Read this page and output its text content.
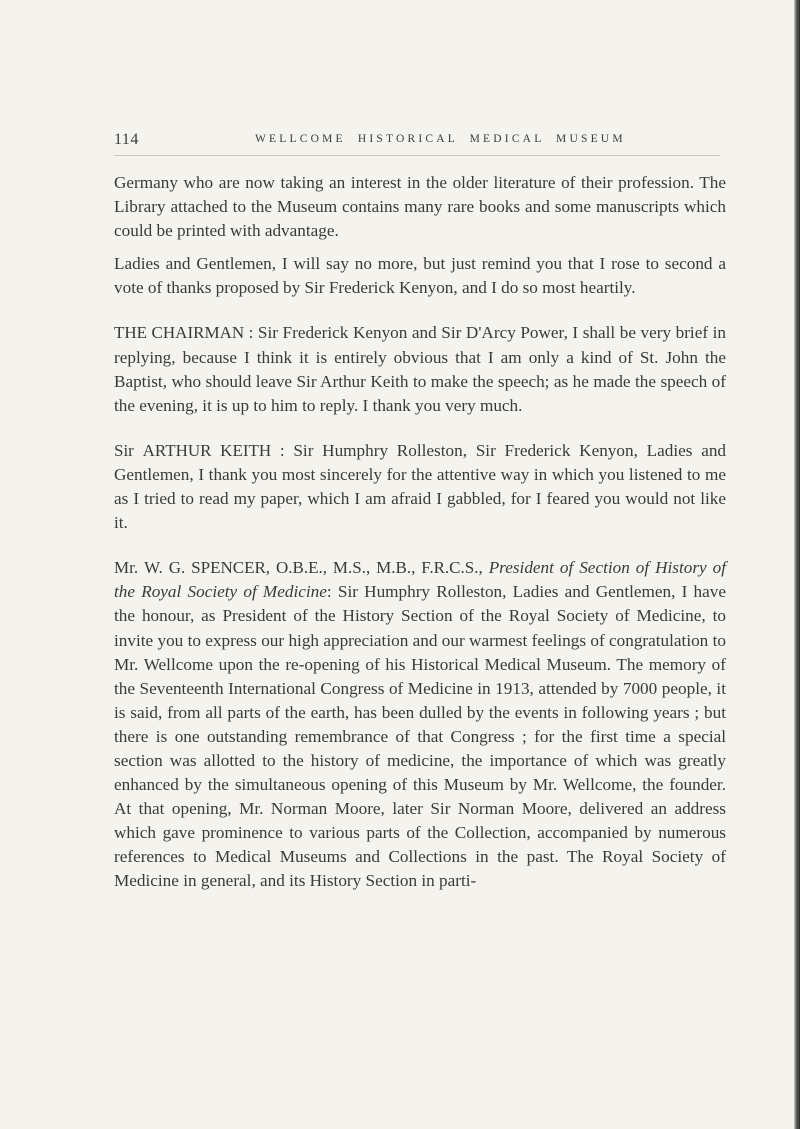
114	WELLCOME HISTORICAL MEDICAL MUSEUM

Germany who are now taking an interest in the older literature of their profession. The Library attached to the Museum contains many rare books and some manuscripts which could be printed with advantage.

Ladies and Gentlemen, I will say no more, but just remind you that I rose to second a vote of thanks proposed by Sir Frederick Kenyon, and I do so most heartily.

THE CHAIRMAN : Sir Frederick Kenyon and Sir D'Arcy Power, I shall be very brief in replying, because I think it is entirely obvious that I am only a kind of St. John the Baptist, who should leave Sir Arthur Keith to make the speech; as he made the speech of the evening, it is up to him to reply. I thank you very much.

Sir ARTHUR KEITH : Sir Humphry Rolleston, Sir Frederick Kenyon, Ladies and Gentlemen, I thank you most sincerely for the attentive way in which you listened to me as I tried to read my paper, which I am afraid I gabbled, for I feared you would not like it.

Mr. W. G. SPENCER, O.B.E., M.S., M.B., F.R.C.S., President of Section of History of the Royal Society of Medicine: Sir Humphry Rolleston, Ladies and Gentlemen, I have the honour, as President of the History Section of the Royal Society of Medicine, to invite you to express our high appreciation and our warmest feelings of congratulation to Mr. Wellcome upon the re-opening of his Historical Medical Museum. The memory of the Seventeenth International Congress of Medicine in 1913, attended by 7000 people, it is said, from all parts of the earth, has been dulled by the events in following years ; but there is one outstanding remembrance of that Congress ; for the first time a special section was allotted to the history of medicine, the importance of which was greatly enhanced by the simultaneous opening of this Museum by Mr. Wellcome, the founder. At that opening, Mr. Norman Moore, later Sir Norman Moore, delivered an address which gave prominence to various parts of the Collection, accompanied by numerous references to Medical Museums and Collections in the past. The Royal Society of Medicine in general, and its History Section in parti-
